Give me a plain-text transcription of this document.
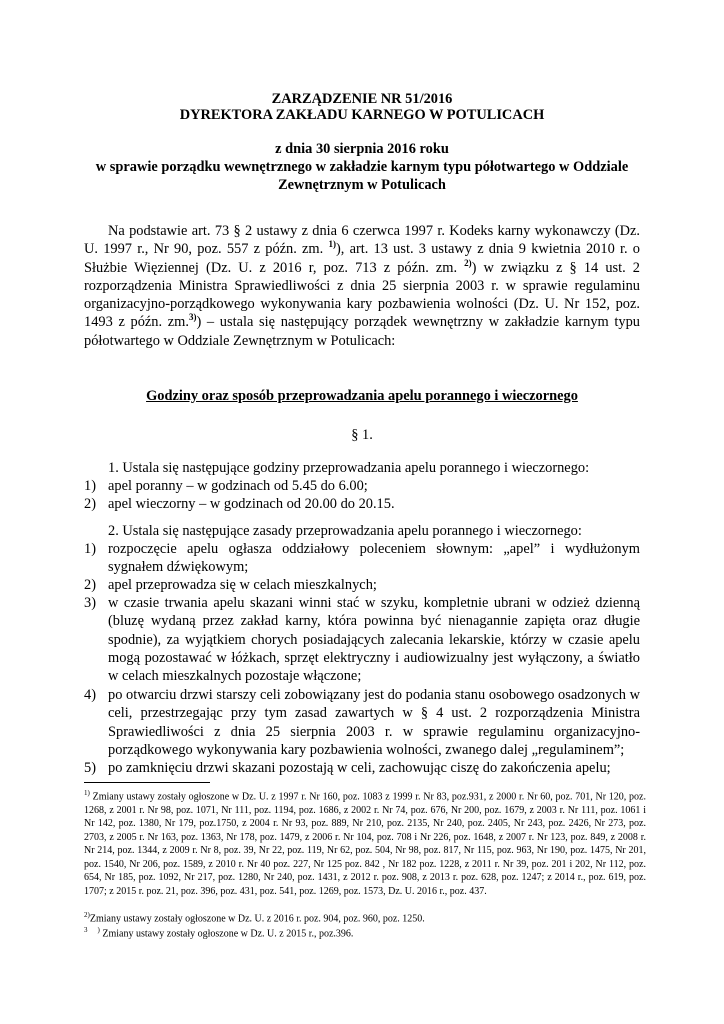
ZARZĄDZENIE NR 51/2016
DYREKTORA ZAKŁADU KARNEGO W POTULICACH
z dnia 30 sierpnia 2016 roku
w sprawie porządku wewnętrznego w zakładzie karnym typu półotwartego w Oddziale
Zewnętrznym w Potulicach

Na podstawie art. 73 § 2 ustawy z dnia 6 czerwca 1997 r. Kodeks karny wykonawczy (Dz. U. 1997 r., Nr 90, poz. 557 z późn. zm. $^{1)}$), art. 13 ust. 3 ustawy z dnia 9 kwietnia 2010 r. o Służbie Więziennej (Dz. U. z 2016 r, poz. 713 z późn. zm. $^{2)}$) w związku z § 14 ust. 2 rozporządzenia Ministra Sprawiedliwości z dnia 25 sierpnia 2003 r. w sprawie regulaminu organizacyjno-porządkowego wykonywania kary pozbawienia wolności (Dz. U. Nr 152, poz. 1493 z późn. zm.$^{3)}$) – ustala się następujący porządek wewnętrzny w zakładzie karnym typu półotwartego w Oddziale Zewnętrznym w Potulicach:

Godziny oraz sposób przeprowadzania apelu porannego i wieczornego
§ 1.
1. Ustala się następujące godziny przeprowadzania apelu porannego i wieczornego:
1) apel poranny – w godzinach od 5.45 do 6.00;
2) apel wieczorny – w godzinach od 20.00 do 20.15.
2. Ustala się następujące zasady przeprowadzania apelu porannego i wieczornego:
1) rozpoczęcie apelu ogłasza oddziałowy poleceniem słownym: „apel” i wydłużonym sygnałem dźwiękowym;
2) apel przeprowadza się w celach mieszkalnych;
3) w czasie trwania apelu skazani winni stać w szyku, kompletnie ubrani w odzież dzienną (bluzę wydaną przez zakład karny, która powinna być nienagannie zapięta oraz długie spodnie), za wyjątkiem chorych posiadających zalecania lekarskie, którzy w czasie apelu mogą pozostawać w łóżkach, sprzęt elektryczny i audiowizualny jest wyłączony, a światło w celach mieszkalnych pozostaje włączone;
4) po otwarciu drzwi starszy celi zobowiązany jest do podania stanu osobowego osadzonych w celi, przestrzegając przy tym zasad zawartych w § 4 ust. 2 rozporządzenia Ministra Sprawiedliwości z dnia 25 sierpnia 2003 r. w sprawie regulaminu organizacyjno-porządkowego wykonywania kary pozbawienia wolności, zwanego dalej „regulaminem”;
5) po zamknięciu drzwi skazani pozostają w celi, zachowując ciszę do zakończenia apelu;
$^{1)}$ Zmiany ustawy zostały ogłoszone w Dz. U. z 1997 r. Nr 160, poz. 1083 z 1999 r. Nr 83, poz.931, z 2000 r. Nr 60, poz. 701, Nr 120, poz. 1268, z 2001 r. Nr 98, poz. 1071, Nr 111, poz. 1194, poz. 1686, z 2002 r. Nr 74, poz. 676, Nr 200, poz. 1679, z 2003 r. Nr 111, poz. 1061 i Nr 142, poz. 1380, Nr 179, poz.1750, z 2004 r. Nr 93, poz. 889, Nr 210, poz. 2135, Nr 240, poz. 2405, Nr 243, poz. 2426, Nr 273, poz. 2703, z 2005 r. Nr 163, poz. 1363, Nr 178, poz. 1479, z 2006 r. Nr 104, poz. 708 i Nr 226, poz. 1648, z 2007 r. Nr 123, poz. 849, z 2008 r. Nr 214, poz. 1344, z 2009 r. Nr 8, poz. 39, Nr 22, poz. 119, Nr 62, poz. 504, Nr 98, poz. 817, Nr 115, poz. 963, Nr 190, poz. 1475, Nr 201, poz. 1540, Nr 206, poz. 1589, z 2010 r. Nr 40 poz. 227, Nr 125 poz. 842 , Nr 182 poz. 1228, z 2011 r. Nr 39, poz. 201 i 202, Nr 112, poz. 654, Nr 185, poz. 1092, Nr 217, poz. 1280, Nr 240, poz. 1431, z 2012 r. poz. 908, z 2013 r. poz. 628, poz. 1247; z 2014 r., poz. 619, poz. 1707; z 2015 r. poz. 21, poz. 396, poz. 431, poz. 541, poz. 1269, poz. 1573, Dz. U. 2016 r., poz. 437.
$^{2)}$Zmiany ustawy zostały ogłoszone w Dz. U. z 2016 r. poz. 904, poz. 960, poz. 1250.
$^3$ ) Zmiany ustawy zostały ogłoszone w Dz. U. z 2015 r., poz.396.
